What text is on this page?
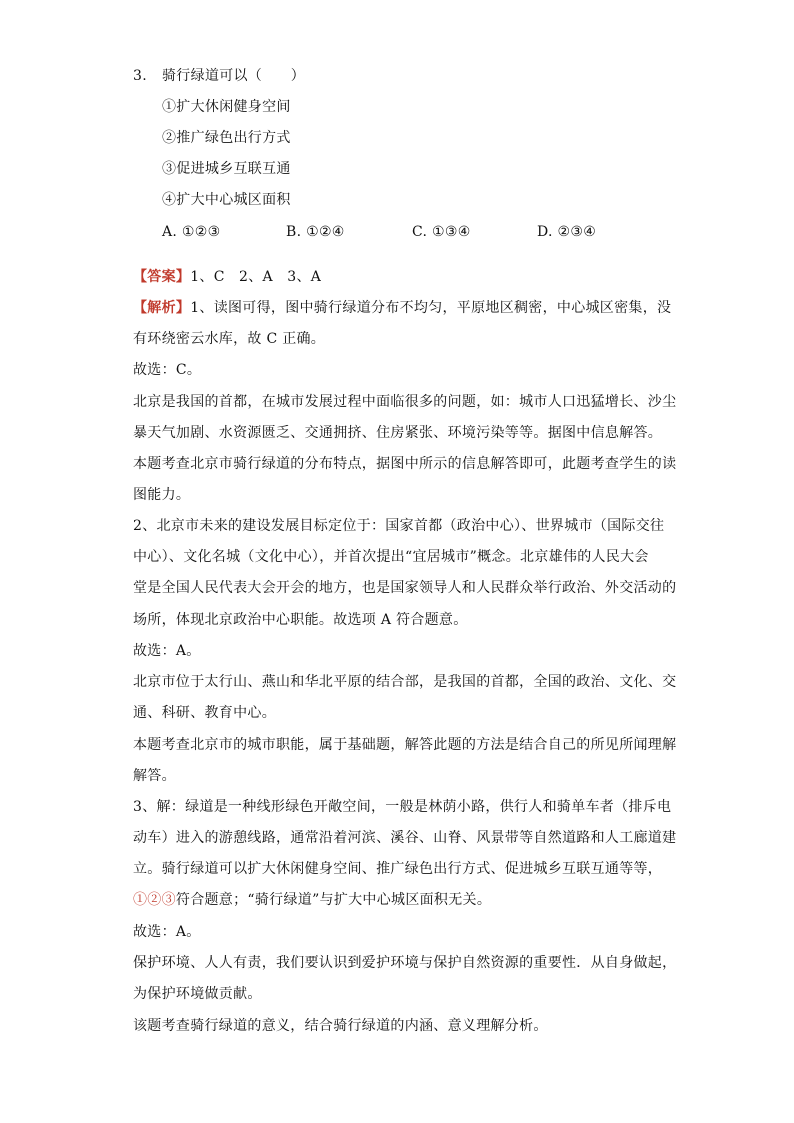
3. 骑行绿道可以（　　）
①扩大休闲健身空间
②推广绿色出行方式
③促进城乡互联互通
④扩大中心城区面积
A. ①②③	B. ①②④	C. ①③④	D. ②③④
【答案】1、C　2、A　3、A
【解析】1、读图可得，图中骑行绿道分布不均匀，平原地区稠密，中心城区密集，没
有环绕密云水库，故 C 正确。
故选：C。
北京是我国的首都，在城市发展过程中面临很多的问题，如：城市人口迅猛增长、沙尘
暴天气加剧、水资源匮乏、交通拥挤、住房紧张、环境污染等等。据图中信息解答。
本题考查北京市骑行绿道的分布特点，据图中所示的信息解答即可，此题考查学生的读
图能力。
2、北京市未来的建设发展目标定位于：国家首都（政治中心）、世界城市（国际交往
中心）、文化名城（文化中心），并首次提出“宜居城市”概念。北京雄伟的人民大会
堂是全国人民代表大会开会的地方，也是国家领导人和人民群众举行政治、外交活动的
场所，体现北京政治中心职能。故选项 A 符合题意。
故选：A。
北京市位于太行山、燕山和华北平原的结合部，是我国的首都，全国的政治、文化、交
通、科研、教育中心。
本题考查北京市的城市职能，属于基础题，解答此题的方法是结合自己的所见所闻理解
解答。
3、解：绿道是一种线形绿色开敞空间，一般是林荫小路，供行人和骑单车者（排斥电
动车）进入的游憩线路，通常沿着河滨、溪谷、山脊、风景带等自然道路和人工廊道建
立。骑行绿道可以扩大休闲健身空间、推广绿色出行方式、促进城乡互联互通等等，
①②③符合题意；“骑行绿道”与扩大中心城区面积无关。
故选：A。
保护环境、人人有责，我们要认识到爱护环境与保护自然资源的重要性．从自身做起，
为保护环境做贡献。
该题考查骑行绿道的意义，结合骑行绿道的内涵、意义理解分析。
